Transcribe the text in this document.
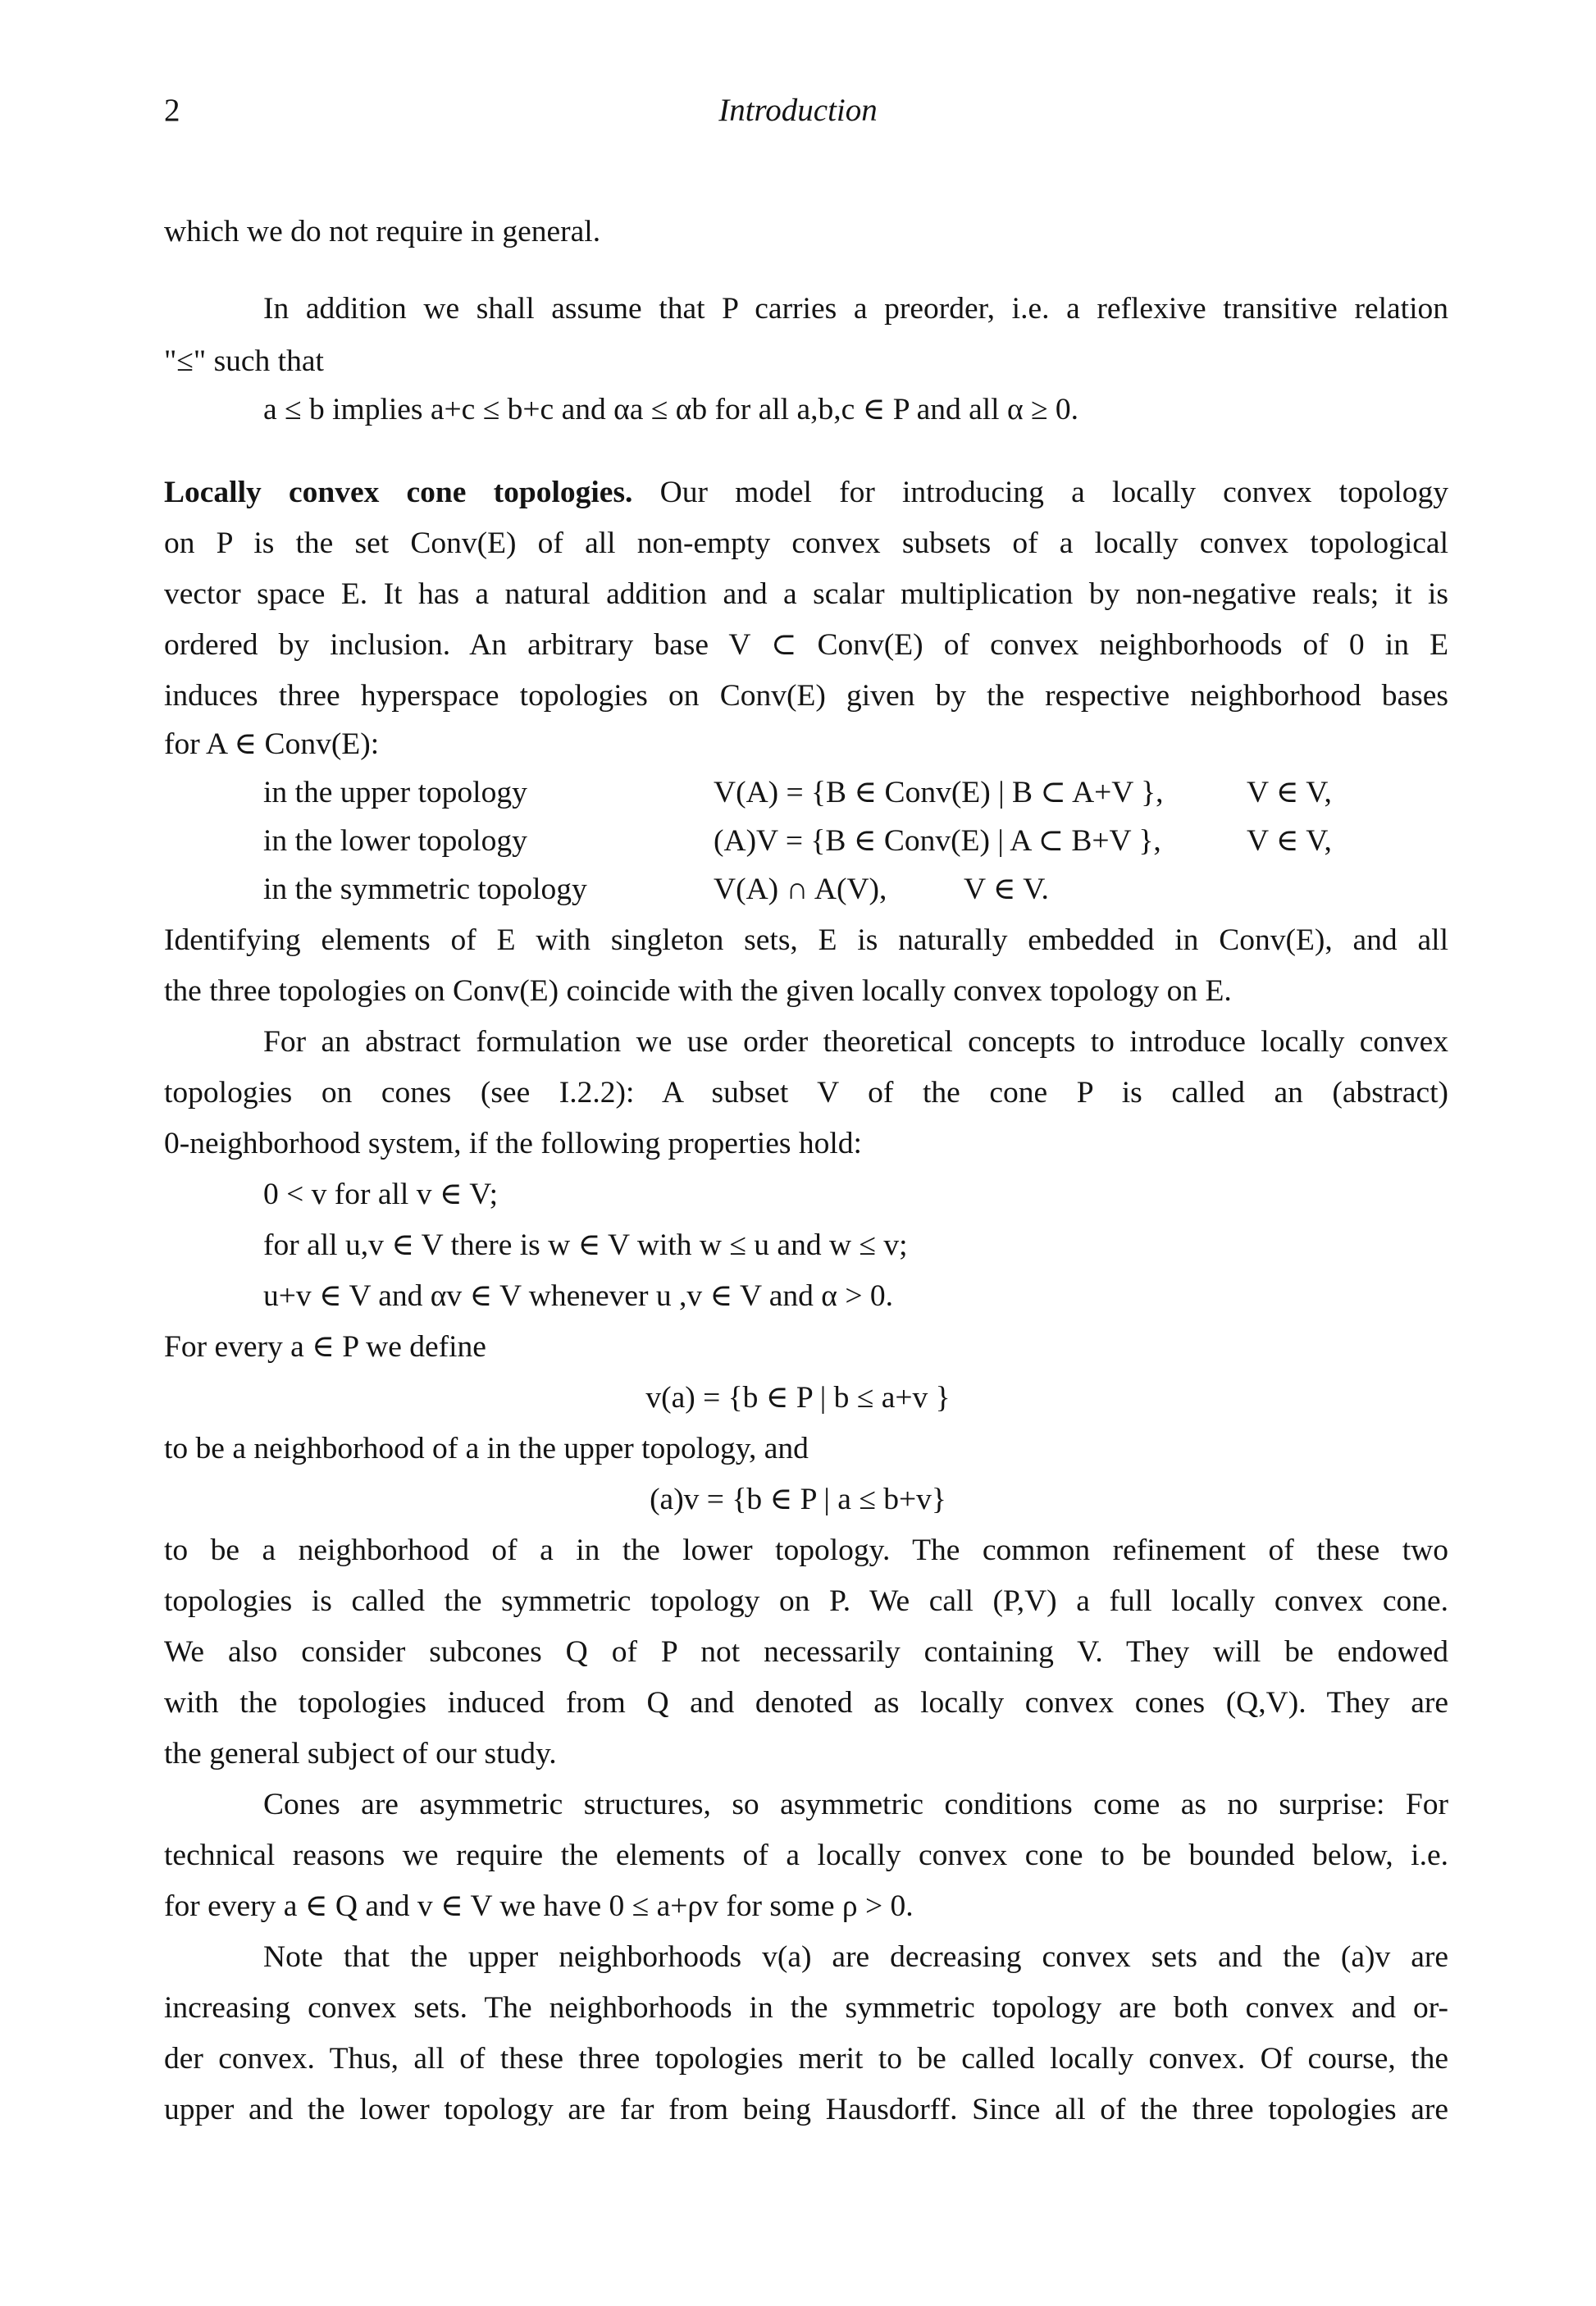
2	Introduction
which we do not require in general.
In addition we shall assume that P carries a preorder, i.e. a reflexive transitive relation
"≤" such that
a ≤ b implies a+c ≤ b+c and αa ≤ αb for all a,b,c ∈ P and all α ≥ 0.
Locally convex cone topologies. Our model for introducing a locally convex topology
on P is the set Conv(E) of all non-empty convex subsets of a locally convex topological
vector space E. It has a natural addition and a scalar multiplication by non-negative reals; it is
ordered by inclusion. An arbitrary base V ⊂ Conv(E) of convex neighborhoods of 0 in E
induces three hyperspace topologies on Conv(E) given by the respective neighborhood bases
for A ∈ Conv(E):
in the upper topology	V(A) = {B ∈ Conv(E) | B ⊂ A+V },	V ∈ V,
in the lower topology	(A)V = {B ∈ Conv(E) | A ⊂ B+V },	V ∈ V,
in the symmetric topology	V(A) ∩ A(V), V ∈ V.
Identifying elements of E with singleton sets, E is naturally embedded in Conv(E), and all
the three topologies on Conv(E) coincide with the given locally convex topology on E.
For an abstract formulation we use order theoretical concepts to introduce locally convex
topologies on cones (see I.2.2): A subset V of the cone P is called an (abstract)
0-neighborhood system, if the following properties hold:
0 < v for all v ∈ V;
for all u,v ∈ V there is w ∈ V with w ≤ u and w ≤ v;
u+v ∈ V and αv ∈ V whenever u ,v ∈ V and α > 0.
For every a ∈ P we define
v(a) = {b ∈ P | b ≤ a+v }
to be a neighborhood of a in the upper topology, and
(a)v = {b ∈ P | a ≤ b+v}
to be a neighborhood of a in the lower topology. The common refinement of these two
topologies is called the symmetric topology on P. We call (P,V) a full locally convex cone.
We also consider subcones Q of P not necessarily containing V. They will be endowed
with the topologies induced from Q and denoted as locally convex cones (Q,V). They are
the general subject of our study.
Cones are asymmetric structures, so asymmetric conditions come as no surprise: For
technical reasons we require the elements of a locally convex cone to be bounded below, i.e.
for every a ∈ Q and v ∈ V we have 0 ≤ a+ρv for some ρ > 0.
Note that the upper neighborhoods v(a) are decreasing convex sets and the (a)v are
increasing convex sets. The neighborhoods in the symmetric topology are both convex and or-
der convex. Thus, all of these three topologies merit to be called locally convex. Of course, the
upper and the lower topology are far from being Hausdorff. Since all of the three topologies are
